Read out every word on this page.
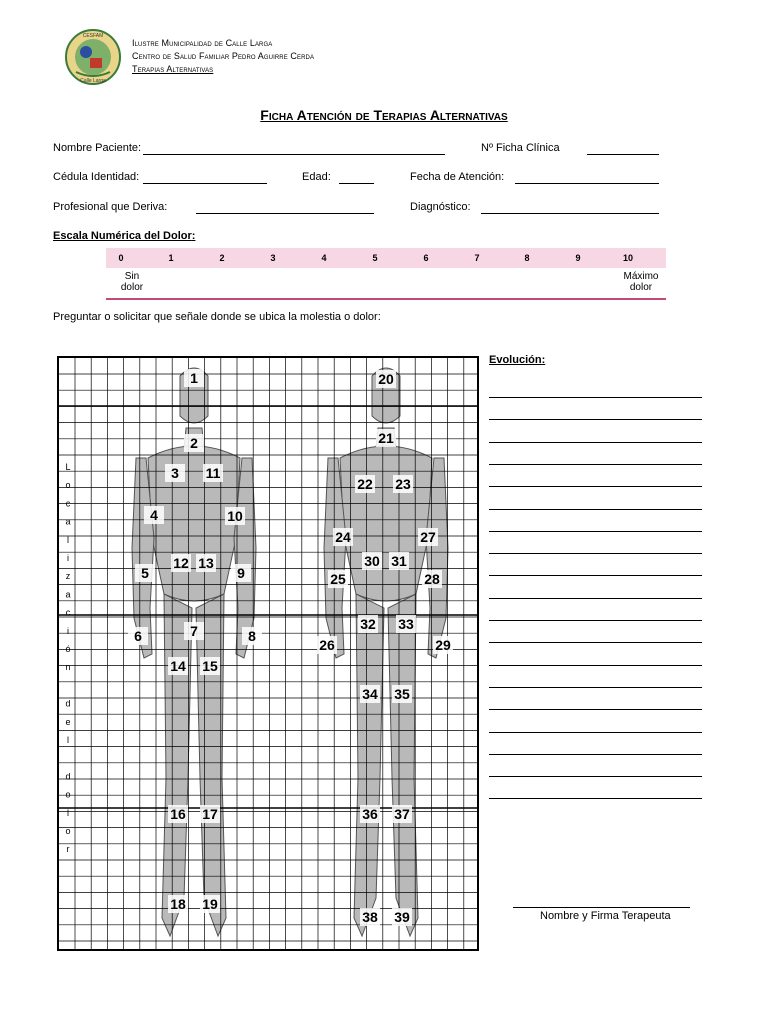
CESFAM
Calle Larga
Ilustre Municipalidad de Calle Larga
Centro de Salud Familiar Pedro Aguirre Cerda
Terapias Alternativas
Ficha Atención de Terapias Alternativas
Nombre Paciente:	Nº Ficha Clínica
Cédula Identidad:	Edad:	Fecha de Atención:
Profesional que Deriva:	Diagnóstico:
Escala Numérica del Dolor:
0	1	2	3	4	5	6	7	8	9	10
Sin
dolor
Máximo
dolor
Preguntar o solicitar que señale donde se ubica la molestia o dolor:
L
o
c
a
l
i
z
a
c
i
ó
n
d
e
l
d
o
l
o
r
1
2
3 11
4	10
5
12 13
9
6	7	8
14 15
16 17
18 19
20
21
22 23
24	27
30 31
25	28
32 33
26	29
34 35
36 37
38 39
Evolución:
Nombre y Firma Terapeuta
